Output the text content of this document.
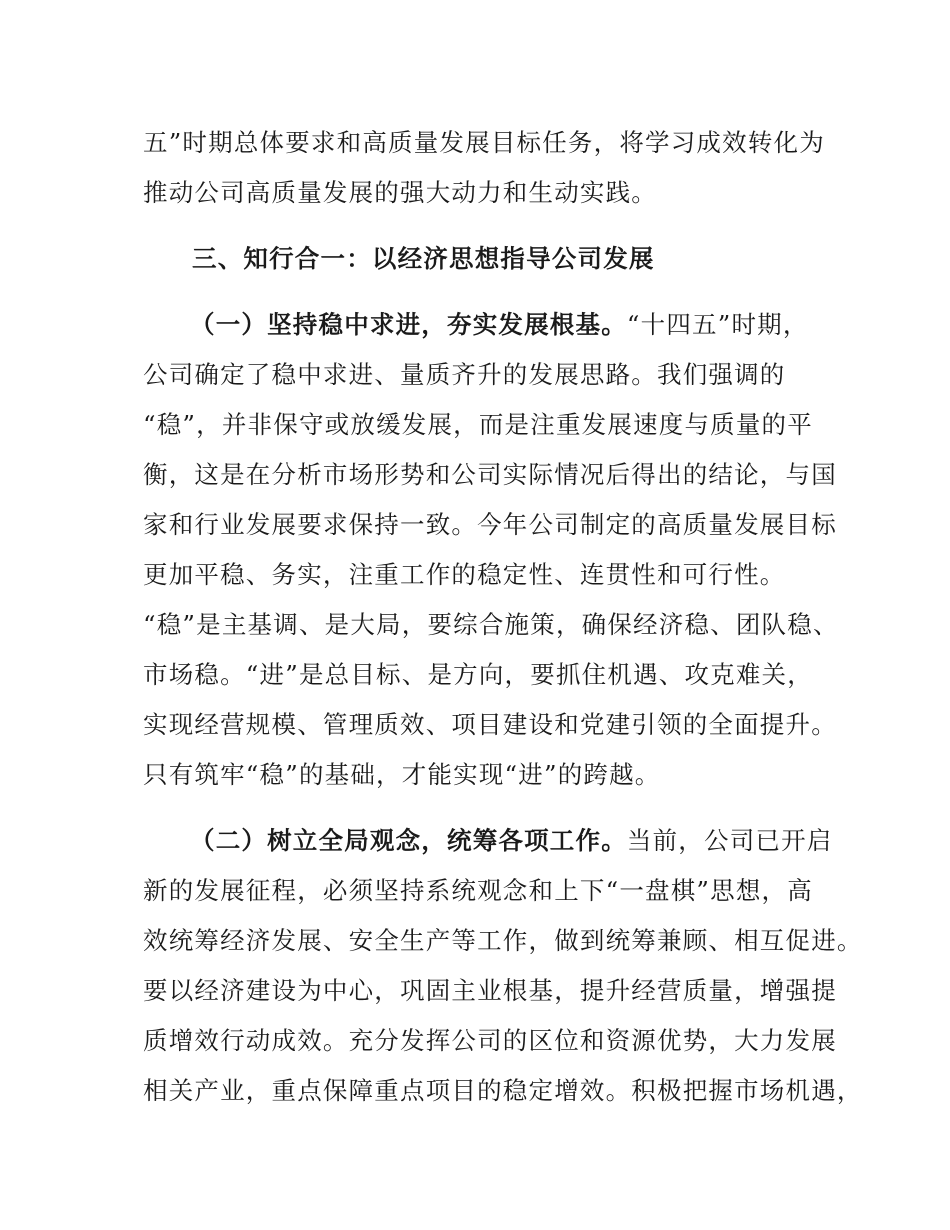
五”时期总体要求和高质量发展目标任务，将学习成效转化为
推动公司高质量发展的强大动力和生动实践。
三、知行合一：以经济思想指导公司发展
（一）坚持稳中求进，夯实发展根基。“十四五”时期，
公司确定了稳中求进、量质齐升的发展思路。我们强调的
“稳”，并非保守或放缓发展，而是注重发展速度与质量的平
衡，这是在分析市场形势和公司实际情况后得出的结论，与国
家和行业发展要求保持一致。今年公司制定的高质量发展目标
更加平稳、务实，注重工作的稳定性、连贯性和可行性。
“稳”是主基调、是大局，要综合施策，确保经济稳、团队稳、
市场稳。“进”是总目标、是方向，要抓住机遇、攻克难关，
实现经营规模、管理质效、项目建设和党建引领的全面提升。
只有筑牢“稳”的基础，才能实现“进”的跨越。
（二）树立全局观念，统筹各项工作。当前，公司已开启
新的发展征程，必须坚持系统观念和上下“一盘棋”思想，高
效统筹经济发展、安全生产等工作，做到统筹兼顾、相互促进。
要以经济建设为中心，巩固主业根基，提升经营质量，增强提
质增效行动成效。充分发挥公司的区位和资源优势，大力发展
相关产业，重点保障重点项目的稳定增效。积极把握市场机遇，
